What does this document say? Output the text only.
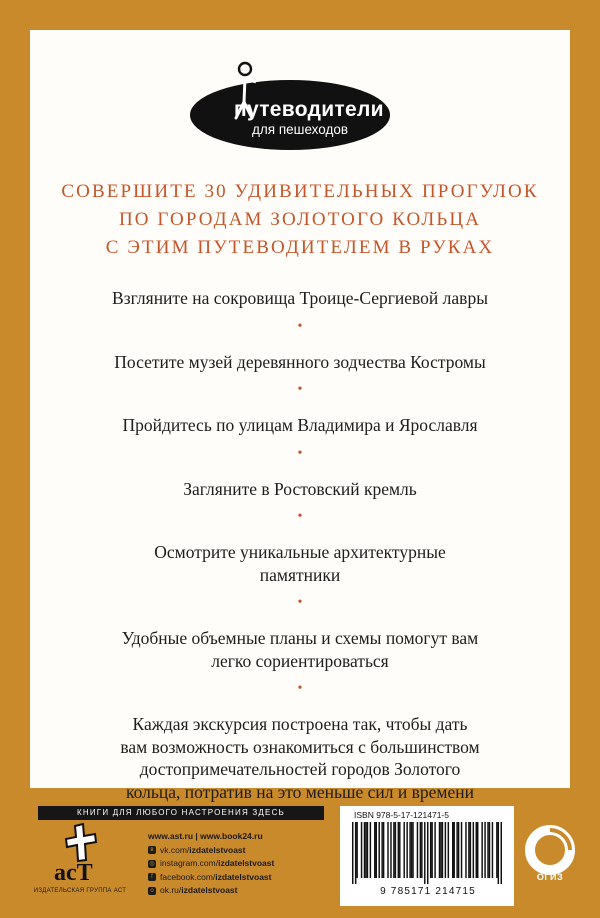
путеводители
для пешеходов
СОВЕРШИТЕ 30 УДИВИТЕЛЬНЫХ ПРОГУЛОК
ПО ГОРОДАМ ЗОЛОТОГО КОЛЬЦА
С ЭТИМ ПУТЕВОДИТЕЛЕМ В РУКАХ
Взгляните на сокровища Троице-Сергиевой лавры
•
Посетите музей деревянного зодчества Костромы
•
Пройдитесь по улицам Владимира и Ярославля
•
Загляните в Ростовский кремль
•
Осмотрите уникальные архитектурные
памятники
•
Удобные объемные планы и схемы помогут вам
легко сориентироваться
•
Каждая экскурсия построена так, чтобы дать
вам возможность ознакомиться с большинством
достопримечательностей городов Золотого
кольца, потратив на это меньше сил и времени
КНИГИ ДЛЯ ЛЮБОГО НАСТРОЕНИЯ ЗДЕСЬ
acT
ИЗДАТЕЛЬСКАЯ ГРУППА АСТ
www.ast.ru | www.book24.ru
в vk.com/ izdatelstvoast
◎ instagram.com/ izdatelstvoast
f facebook.com/ izdatelstvoast
о ok.ru/ izdatelstvoast
ISBN 978-5-17-121471-5
9 785171 214715
ОГИЗ
